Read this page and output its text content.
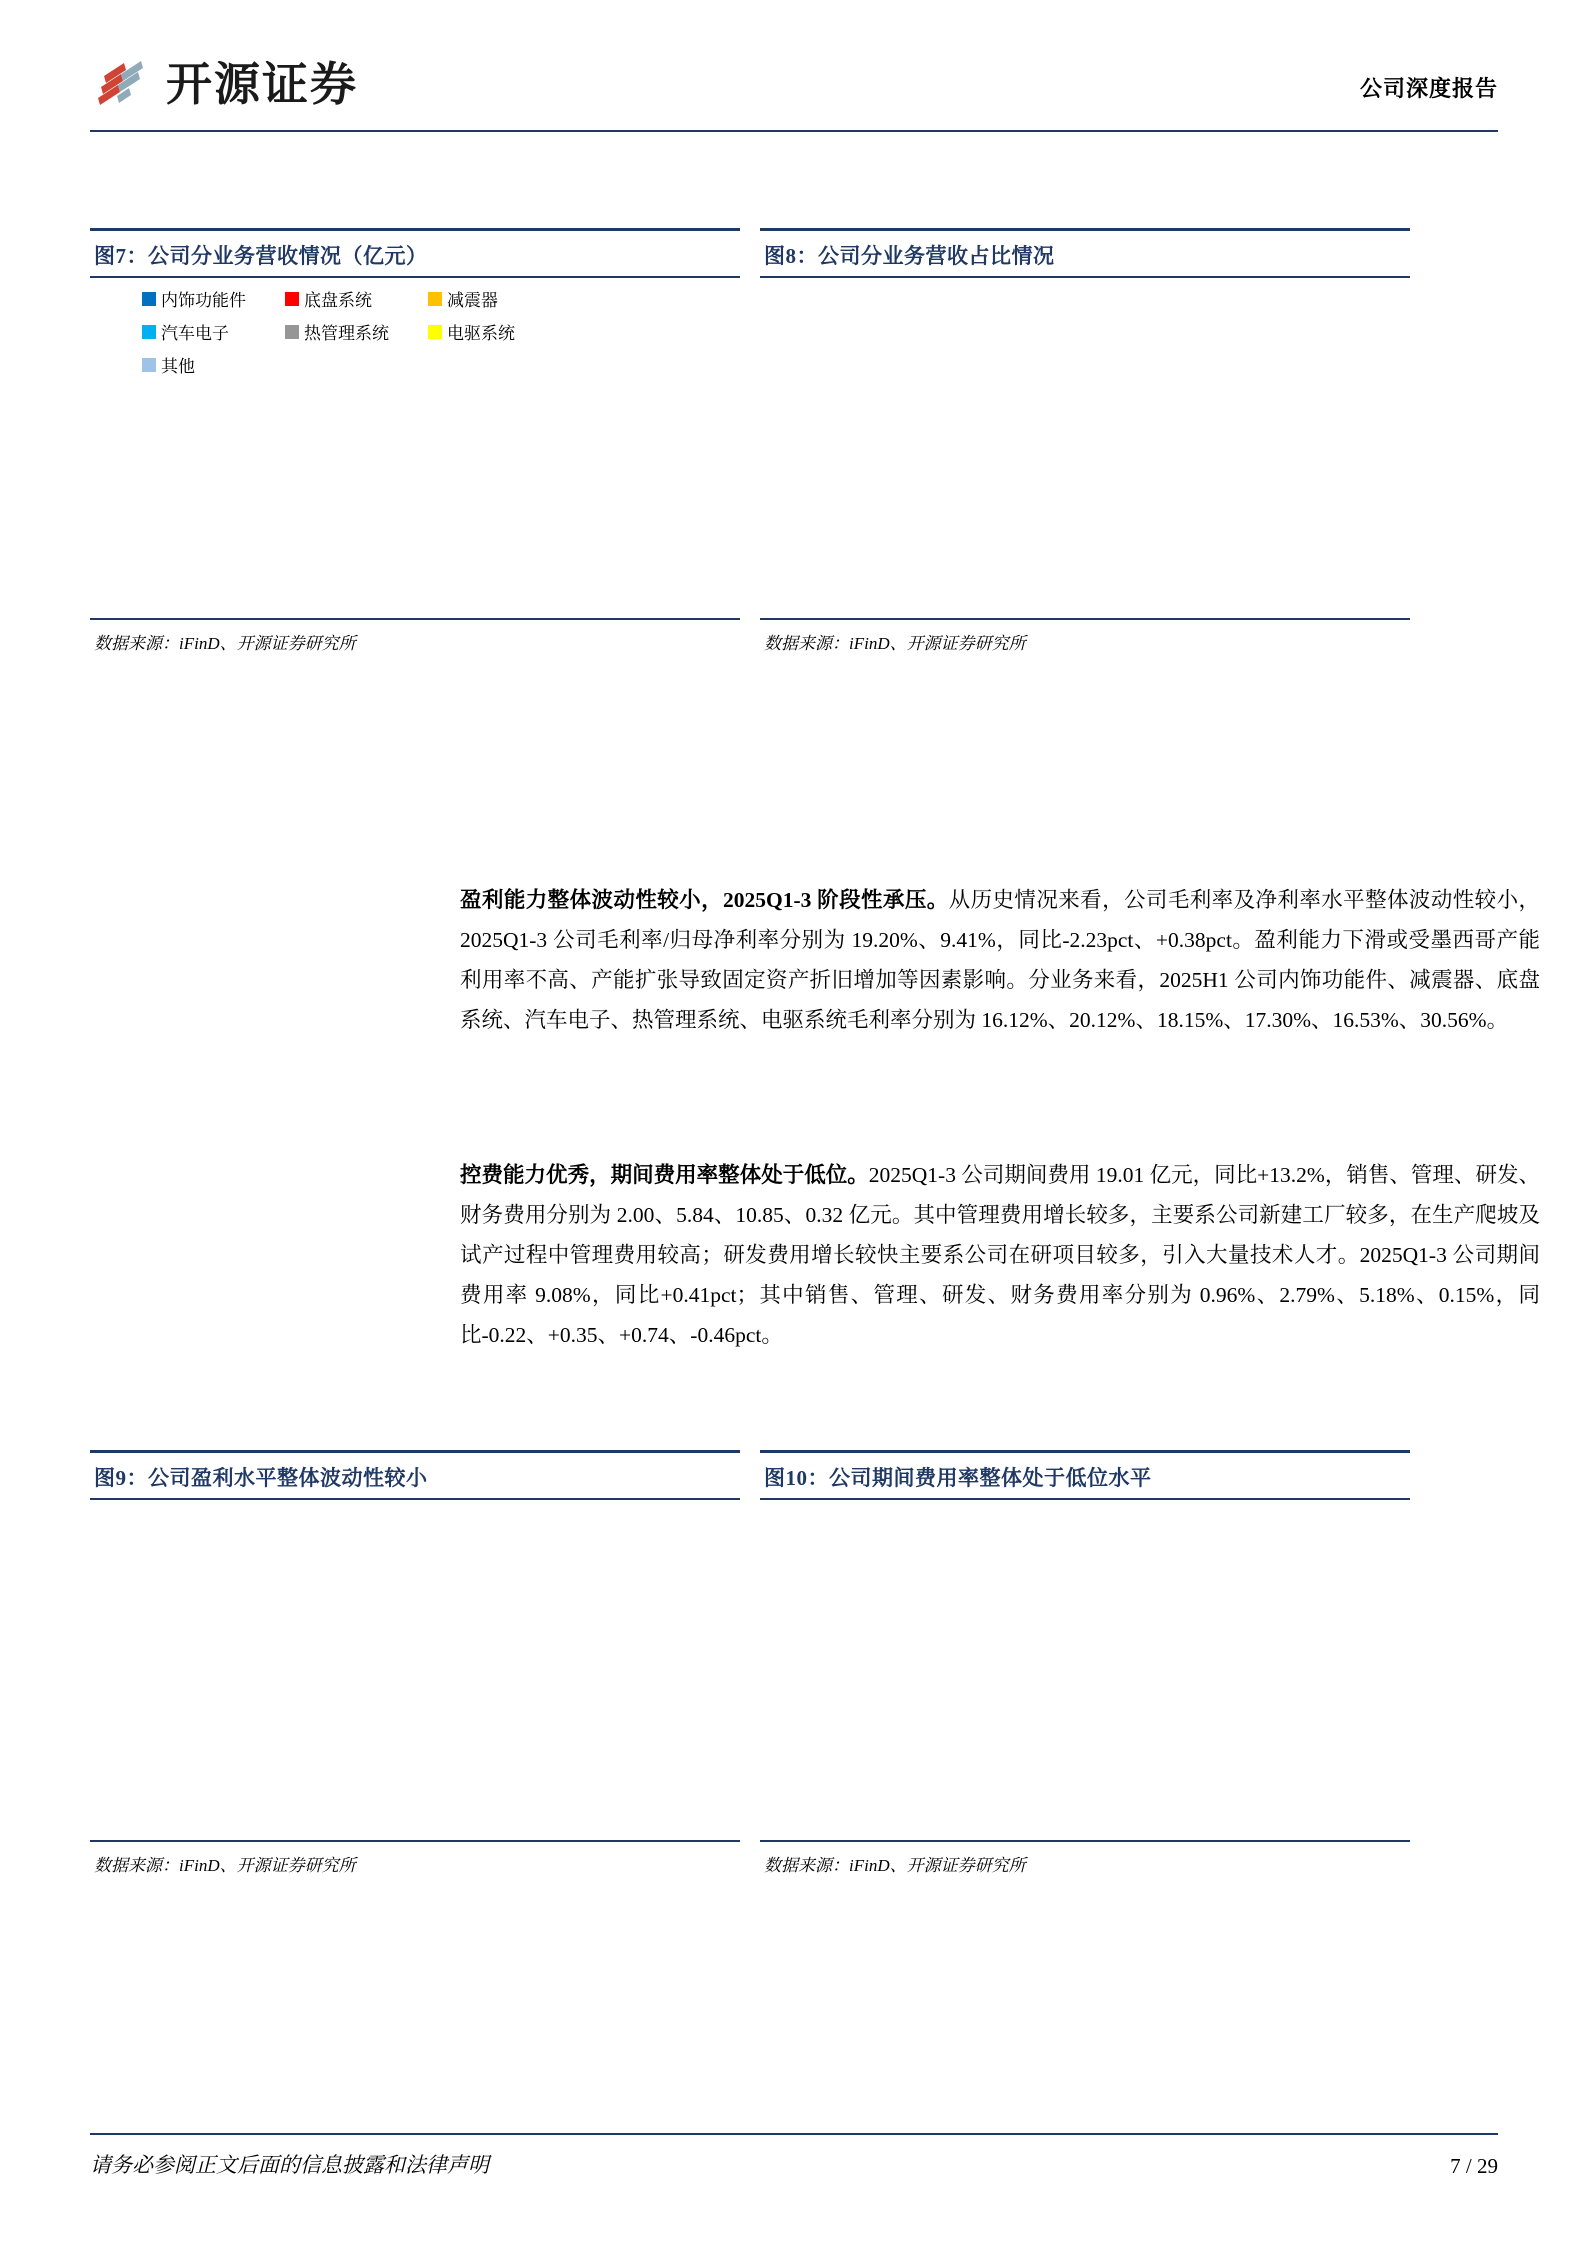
开源证券	公司深度报告
图7：公司分业务营收情况（亿元）
内饰功能件	底盘系统	减震器
汽车电子	热管理系统	电驱系统
其他
数据来源：iFinD、开源证券研究所
图8：公司分业务营收占比情况
数据来源：iFinD、开源证券研究所
盈利能力整体波动性较小，2025Q1-3 阶段性承压。从历史情况来看，公司毛利率及净利率水平整体波动性较小，2025Q1-3 公司毛利率/归母净利率分别为 19.20%、9.41%，同比-2.23pct、+0.38pct。盈利能力下滑或受墨西哥产能利用率不高、产能扩张导致固定资产折旧增加等因素影响。分业务来看，2025H1 公司内饰功能件、减震器、底盘系统、汽车电子、热管理系统、电驱系统毛利率分别为 16.12%、20.12%、18.15%、17.30%、16.53%、30.56%。
控费能力优秀，期间费用率整体处于低位。2025Q1-3 公司期间费用 19.01 亿元，同比+13.2%，销售、管理、研发、财务费用分别为 2.00、5.84、10.85、0.32 亿元。其中管理费用增长较多，主要系公司新建工厂较多，在生产爬坡及试产过程中管理费用较高；研发费用增长较快主要系公司在研项目较多，引入大量技术人才。2025Q1-3 公司期间费用率 9.08%，同比+0.41pct；其中销售、管理、研发、财务费用率分别为 0.96%、2.79%、5.18%、0.15%，同比-0.22、+0.35、+0.74、-0.46pct。
图9：公司盈利水平整体波动性较小
数据来源：iFinD、开源证券研究所
图10：公司期间费用率整体处于低位水平
数据来源：iFinD、开源证券研究所
请务必参阅正文后面的信息披露和法律声明	7 / 29
